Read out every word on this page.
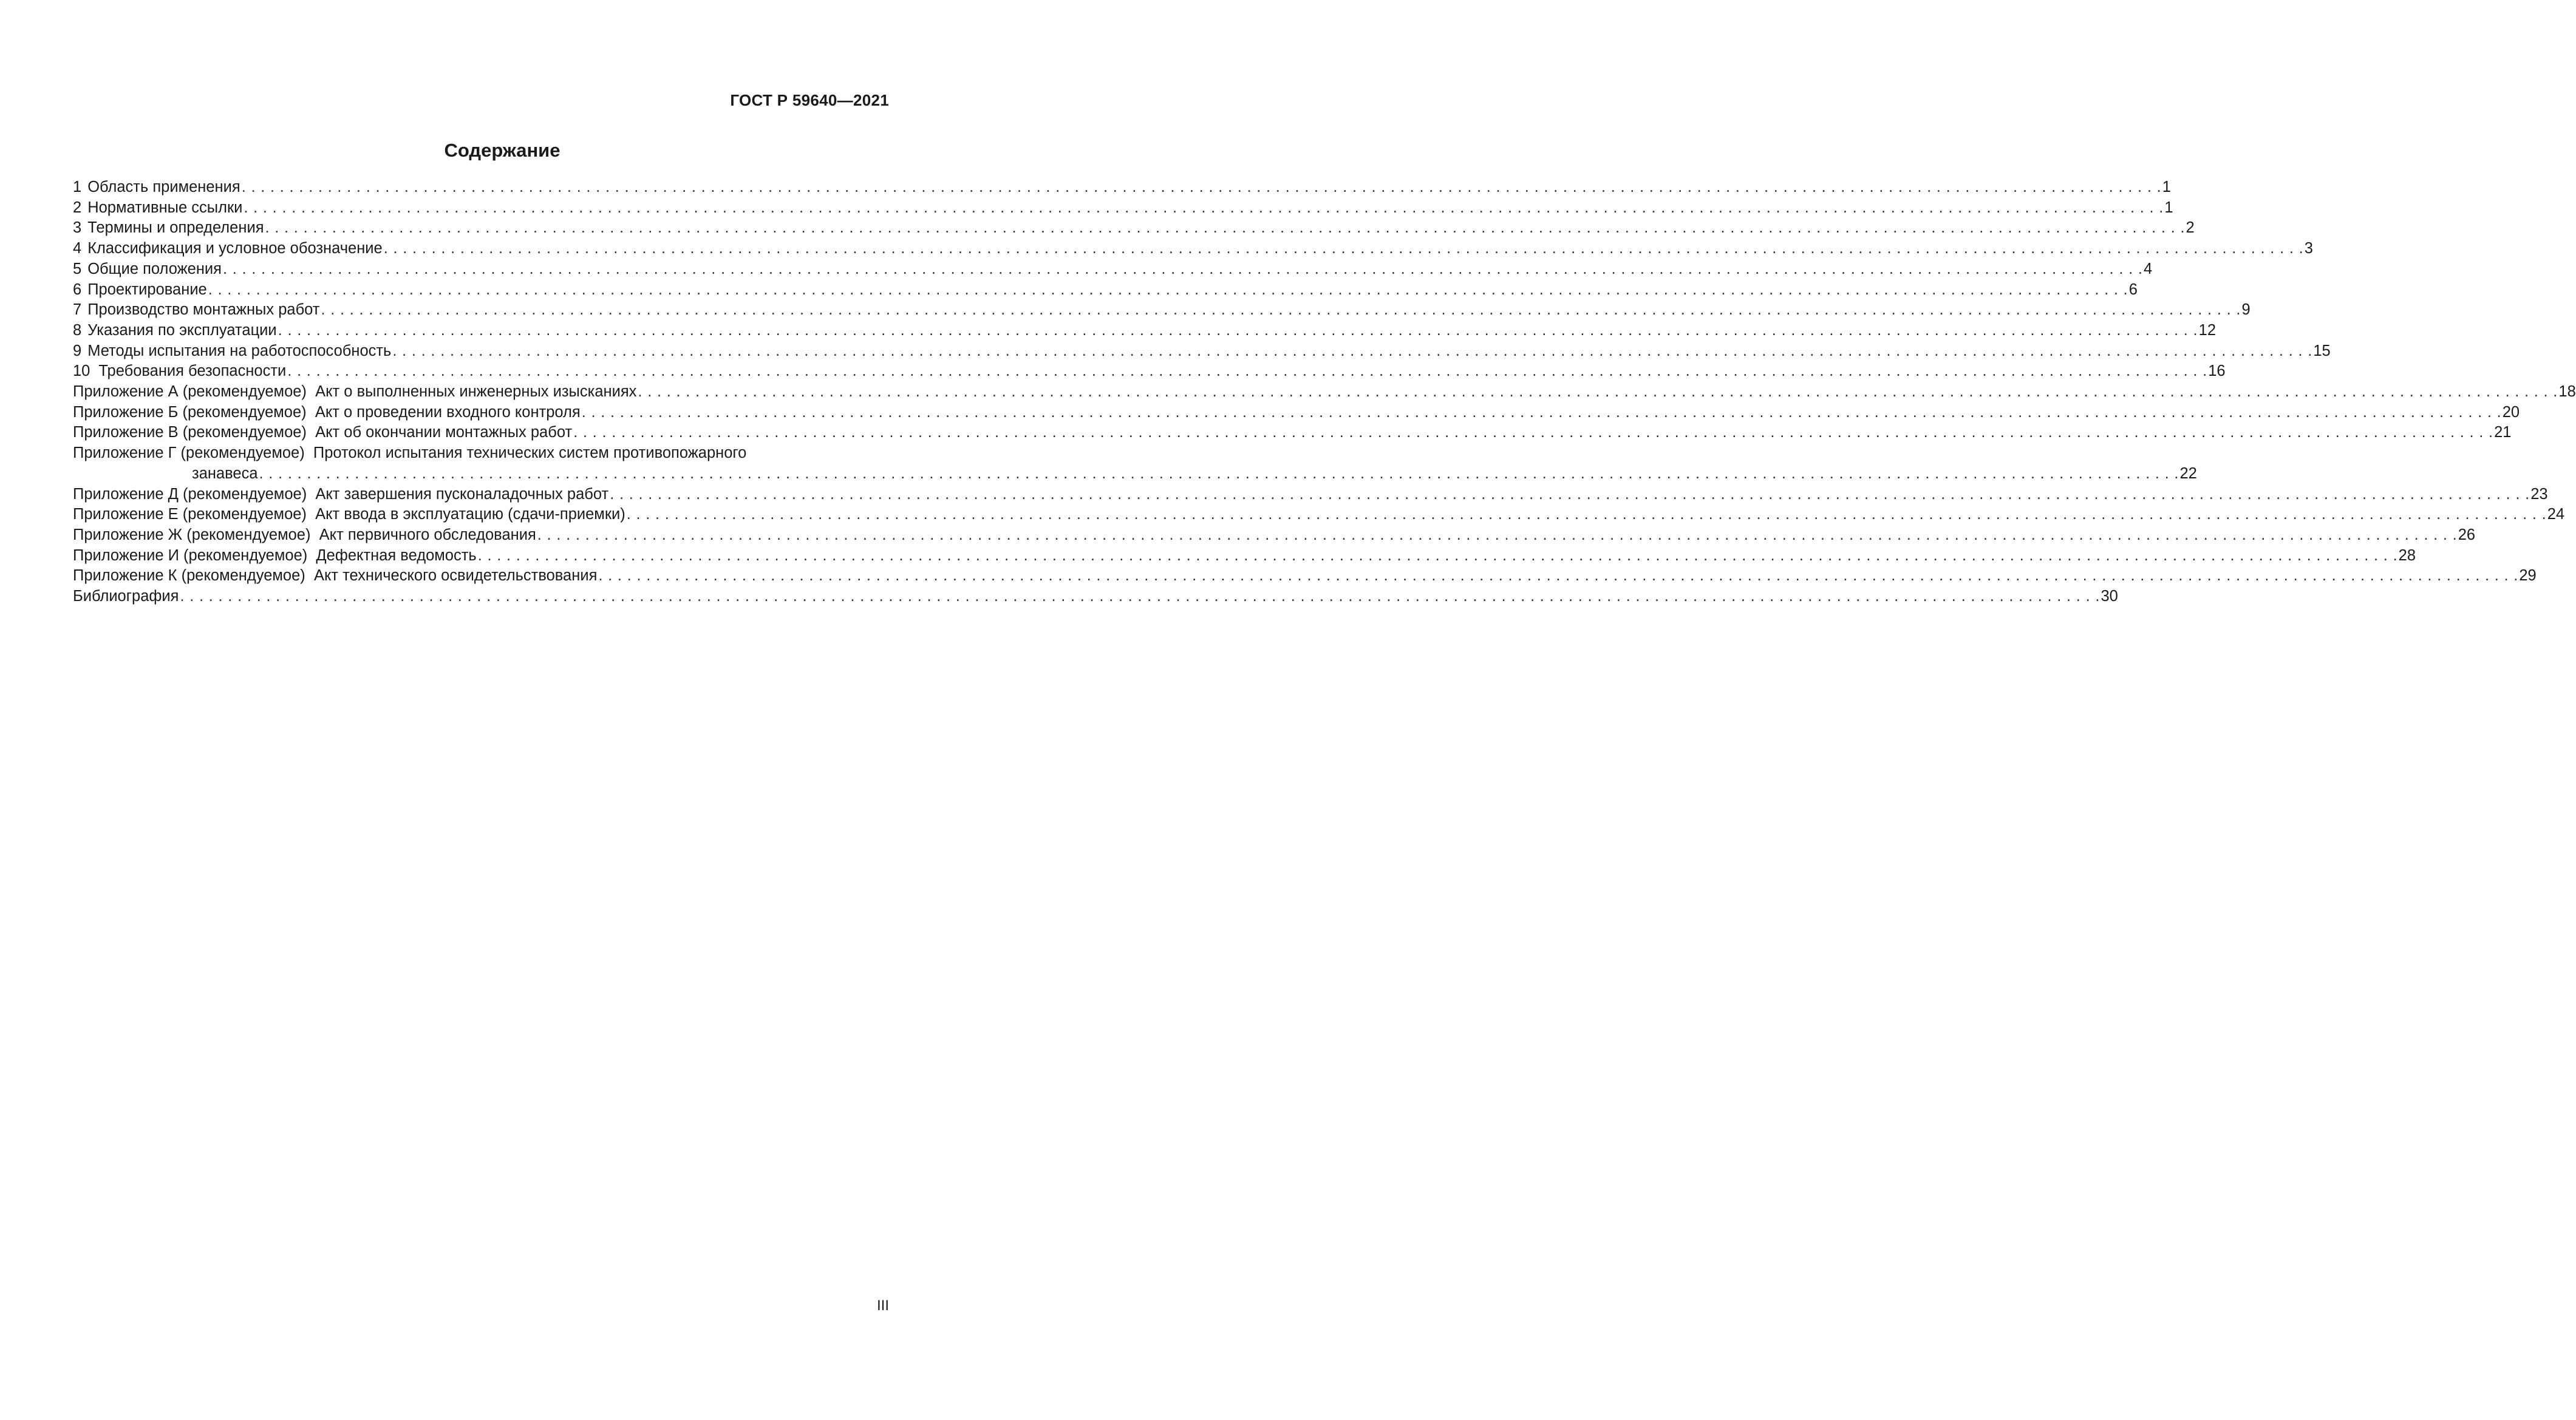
ГОСТ Р 59640—2021
Содержание
1 Область применения . . .	1
2 Нормативные ссылки . . .	1
3 Термины и определения . . .	2
4 Классификация и условное обозначение . . .	3
5 Общие положения . . .	4
6 Проектирование . . .	6
7 Производство монтажных работ . . .	9
8 Указания по эксплуатации . . .	12
9 Методы испытания на работоспособность . . .	15
10 Требования безопасности . . .	16
Приложение А (рекомендуемое)  Акт о выполненных инженерных изысканиях . . .	18
Приложение Б (рекомендуемое)  Акт о проведении входного контроля . . .	20
Приложение В (рекомендуемое)  Акт об окончании монтажных работ . . .	21
Приложение Г (рекомендуемое)  Протокол испытания технических систем противопожарного
занавеса . . .	22
Приложение Д (рекомендуемое)  Акт завершения пусконаладочных работ . . .	23
Приложение Е (рекомендуемое)  Акт ввода в эксплуатацию (сдачи-приемки) . . .	24
Приложение Ж (рекомендуемое)  Акт первичного обследования . . .	26
Приложение И (рекомендуемое)  Дефектная ведомость . . .	28
Приложение К (рекомендуемое)  Акт технического освидетельствования . . .	29
Библиография . . .	30
III
